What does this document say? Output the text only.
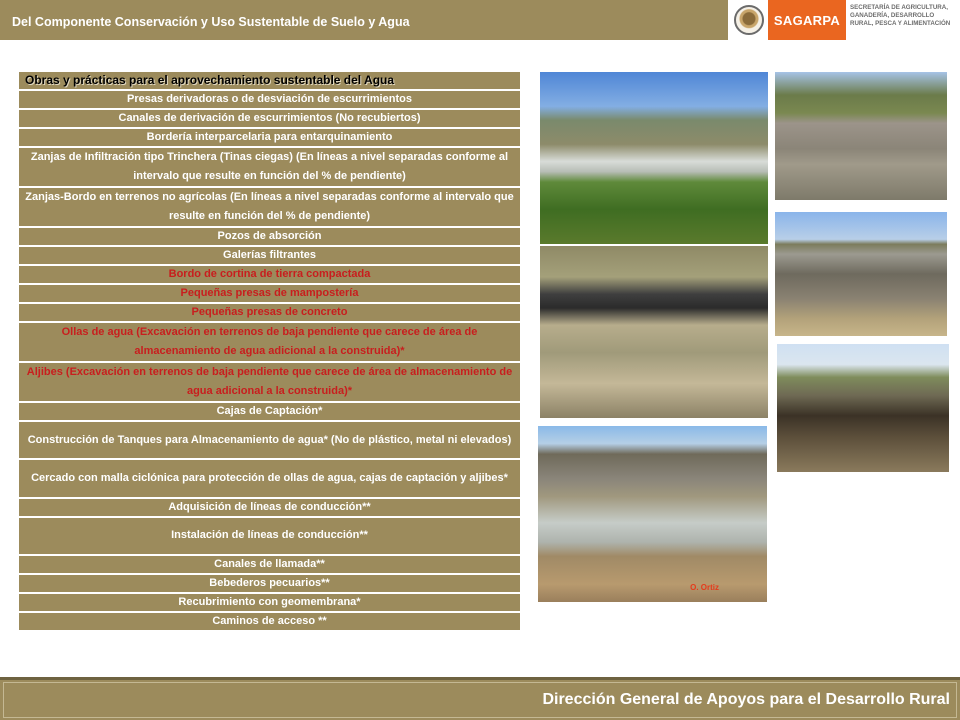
Del Componente Conservación y Uso Sustentable de Suelo y Agua	SAGARPA
SECRETARÍA DE AGRICULTURA, GANADERÍA, DESARROLLO RURAL, PESCA Y ALIMENTACIÓN
Obras y prácticas para el aprovechamiento sustentable del Agua
Presas derivadoras o de desviación de escurrimientos
Canales de derivación de escurrimientos (No recubiertos)
Bordería interparcelaria para entarquinamiento
Zanjas de Infiltración tipo Trinchera (Tinas ciegas) (En líneas a nivel separadas conforme al intervalo que resulte en función del % de pendiente)
Zanjas-Bordo en terrenos no agrícolas (En líneas a nivel separadas conforme al intervalo que resulte en función del % de pendiente)
Pozos de absorción
Galerías filtrantes
Bordo de cortina de tierra compactada
Pequeñas presas de mampostería
Pequeñas presas de concreto
Ollas de agua (Excavación en terrenos de baja pendiente que carece de área de almacenamiento de agua adicional a la construida)*
Aljibes (Excavación en terrenos de baja pendiente que carece de área de almacenamiento de agua adicional a la construida)*
Cajas de Captación*
Construcción de Tanques para Almacenamiento de agua* (No de plástico, metal ni elevados)
Cercado con malla ciclónica para protección de ollas de agua, cajas de captación y aljibes*
Adquisición de líneas de conducción**
Instalación de líneas de conducción**
Canales de llamada**
Bebederos pecuarios**
Recubrimiento con geomembrana*
Caminos de acceso **
O. Ortiz
Dirección General de Apoyos para el Desarrollo Rural
